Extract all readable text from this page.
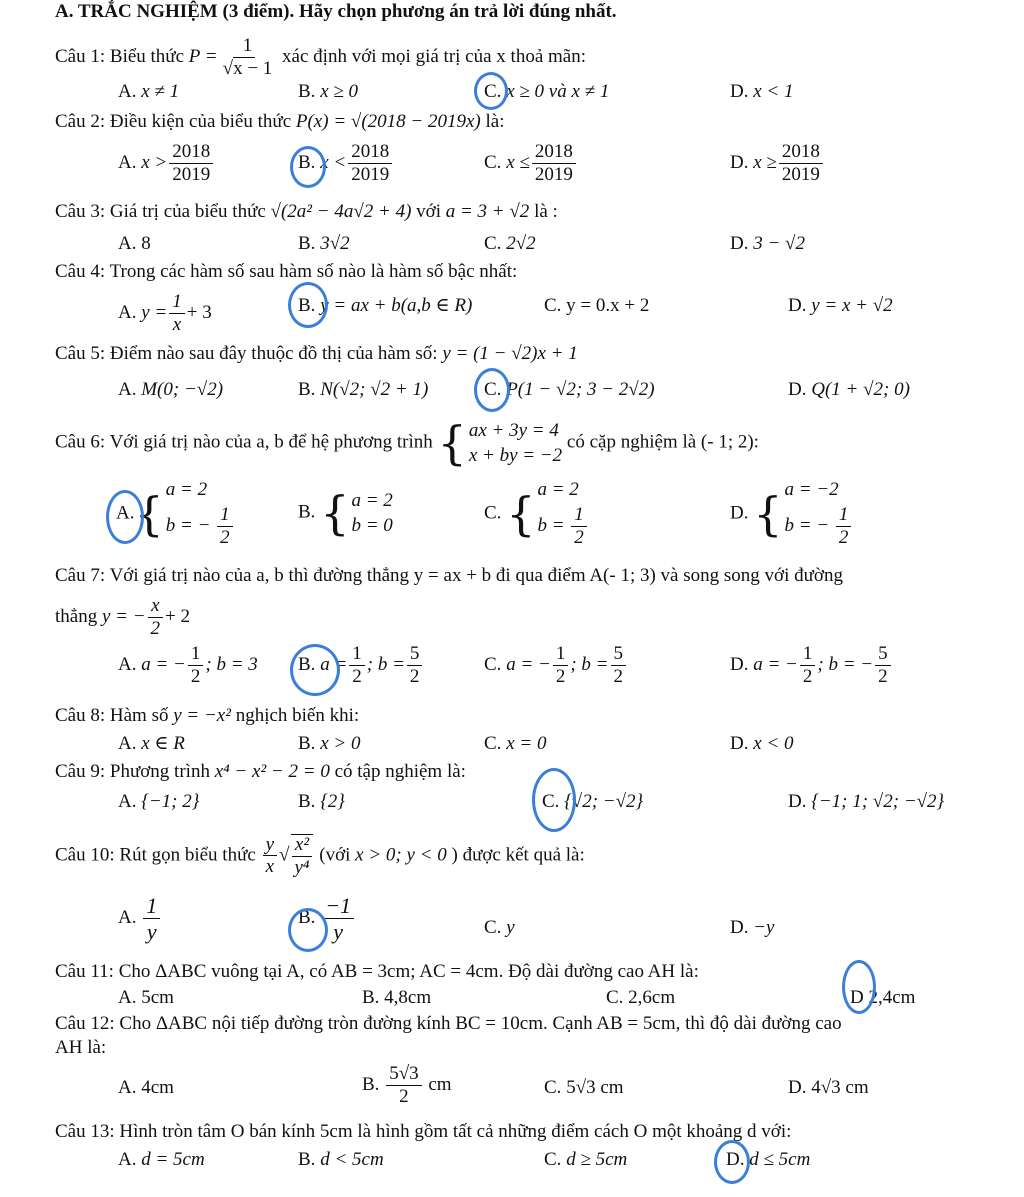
A. TRẮC NGHIỆM (3 điểm). Hãy chọn phương án trả lời đúng nhất.
Câu 1: Biểu thức $P = \frac{1}{√x - 1}$ xác định với mọi giá trị của x thoả mãn:
A. x ≠ 1	B. x ≥ 0	C. x ≥ 0 và x ≠ 1	D. x < 1
Câu 2: Điều kiện của biểu thức P(x) = √(2018 − 2019x) là:
A. $x > \frac{2018}{2019}$	B. $x < \frac{2018}{2019}$	C. $x \le \frac{2018}{2019}$	D. $x \ge \frac{2018}{2019}$
Câu 3: Giá trị của biểu thức √(2a² − 4a√2 + 4) với a = 3 + √2 là :
A. 8	B. 3√2	C. 2√2	D. 3 − √2
Câu 4: Trong các hàm số sau hàm số nào là hàm số bậc nhất:
A. $y = \frac{1}{x} + 3$	B. y = ax + b(a,b ∈ R)	C. y = 0.x + 2	D. y = x + √2
Câu 5: Điểm nào sau đây thuộc đồ thị của hàm số: y = (1 − √2)x + 1
A. M(0; −√2)	B. N(√2; √2 + 1)	C. P(1 − √2; 3 − 2√2)	D. Q(1 + √2; 0)
Câu 6: Với giá trị nào của a, b để hệ phương trình { ax + 3y = 4
x + by = −2
có cặp nghiệm là (- 1; 2):
A. { a = 2
b = − $\frac{1}{2}$	B. { a = 2
b = 0
C. { a = 2
$b = \frac{1}{2}$	D. { a = −2
b = − $\frac{1}{2}$
Câu 7: Với giá trị nào của a, b thì đường thẳng y = ax + b đi qua điểm A(- 1; 3) và song song với đường
thẳng y = − $\frac{x}{2} + 2$
A. a = − $\frac{1}{2}$ ; b = 3 B. $a = \frac{1}{2}$ ; $b = \frac{5}{2}$	C. a = − $\frac{1}{2}$ ; $b = \frac{5}{2}$	D. a = − $\frac{1}{2}$ ; b = − $\frac{5}{2}$
Câu 8: Hàm số y = −x² nghịch biến khi:
A. x ∈ R	B. x > 0	C. x = 0	D. x < 0
Câu 9: Phương trình x⁴ − x² − 2 = 0 có tập nghiệm là:
A. {−1; 2}	B. {2}	C. {√2; −√2}	D. {−1; 1; √2; −√2}
Câu 10: Rút gọn biểu thức $\frac{y}{x}$ √ $\frac{\text{x²}}{\text{y⁴}}$ (với x > 0; y < 0 ) được kết quả là:
A. $\frac{1}{y}$	B. $\frac{-1}{y}$	C. y	D. −y
Câu 11: Cho ΔABC vuông tại A, có AB = 3cm; AC = 4cm. Độ dài đường cao AH là:
A. 5cm	B. 4,8cm	C. 2,6cm	D 2,4cm
Câu 12: Cho ΔABC nội tiếp đường tròn đường kính BC = 10cm. Cạnh AB = 5cm, thì độ dài đường cao
AH là:
A. 4cm	B. $\frac{5√3}{2}$ cm	C. 5√3 cm	D. 4√3 cm
Câu 13: Hình tròn tâm O bán kính 5cm là hình gồm tất cả những điểm cách O một khoảng d với:
A. d = 5cm	B. d < 5cm	C. d ≥ 5cm	D. d ≤ 5cm
